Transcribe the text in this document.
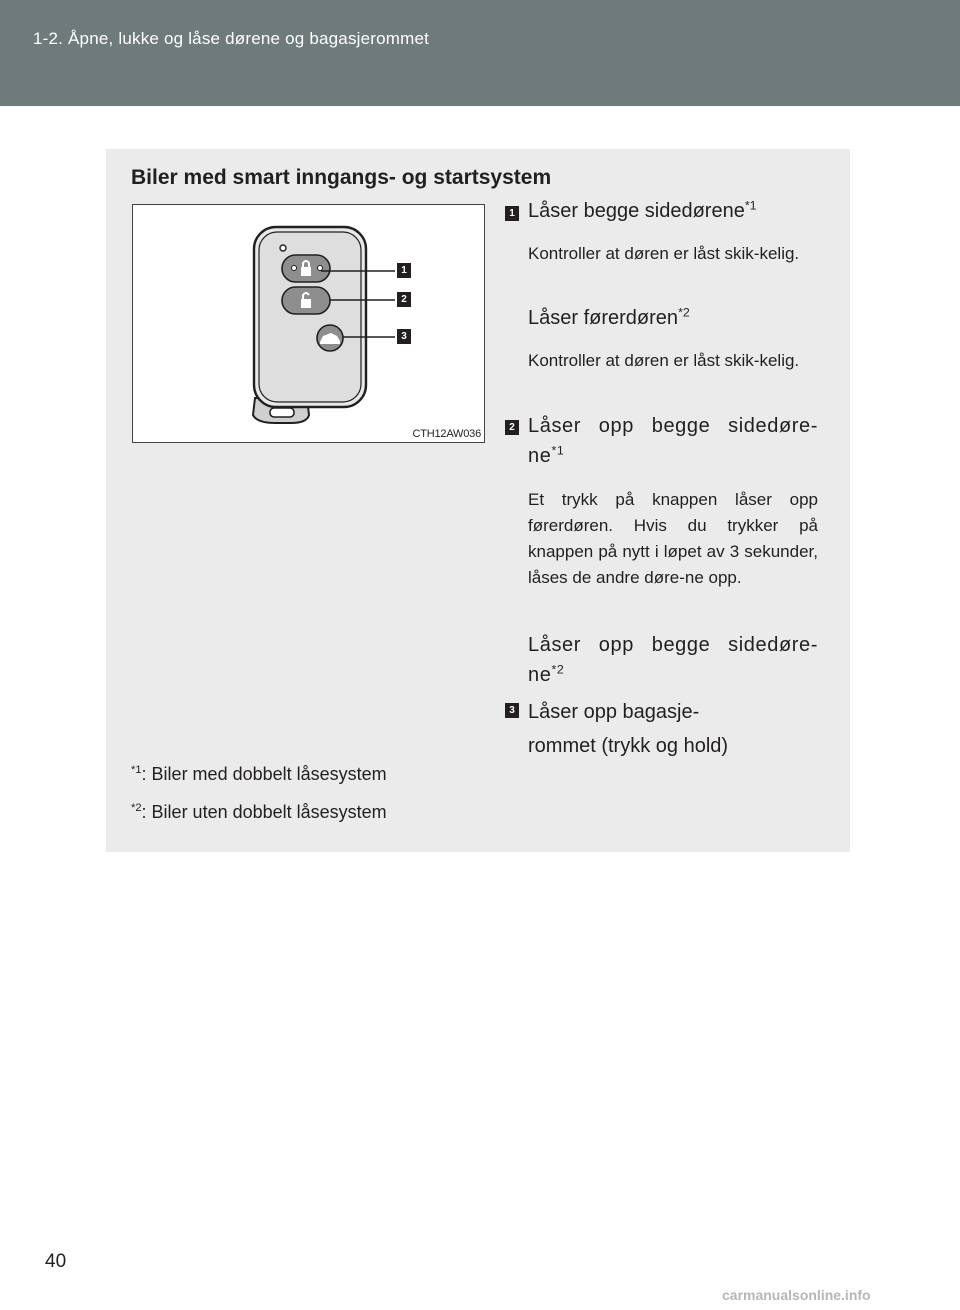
1-2. Åpne, lukke og låse dørene og bagasjerommet
Biler med smart inngangs- og startsystem
1
2
3
CTH12AW036
1 Låser begge sidedørene$^{*1}$
Kontroller at døren er låst skik-kelig.
Låser førerdøren$^{*2}$
Kontroller at døren er låst skik-kelig.
2 Låser opp begge sidedøre-$ne^{*1}$
Et trykk på knappen låser opp førerdøren. Hvis du trykker på knappen på nytt i løpet av 3 sekunder, låses de andre døre-ne opp.
Låser opp begge sidedøre-$ne^{*2}$
3 Låser opp bagasje-
rommet (trykk og hold)
$^{*1}$: Biler med dobbelt låsesystem
$^{*2}$: Biler uten dobbelt låsesystem
40
carmanualsonline.info
